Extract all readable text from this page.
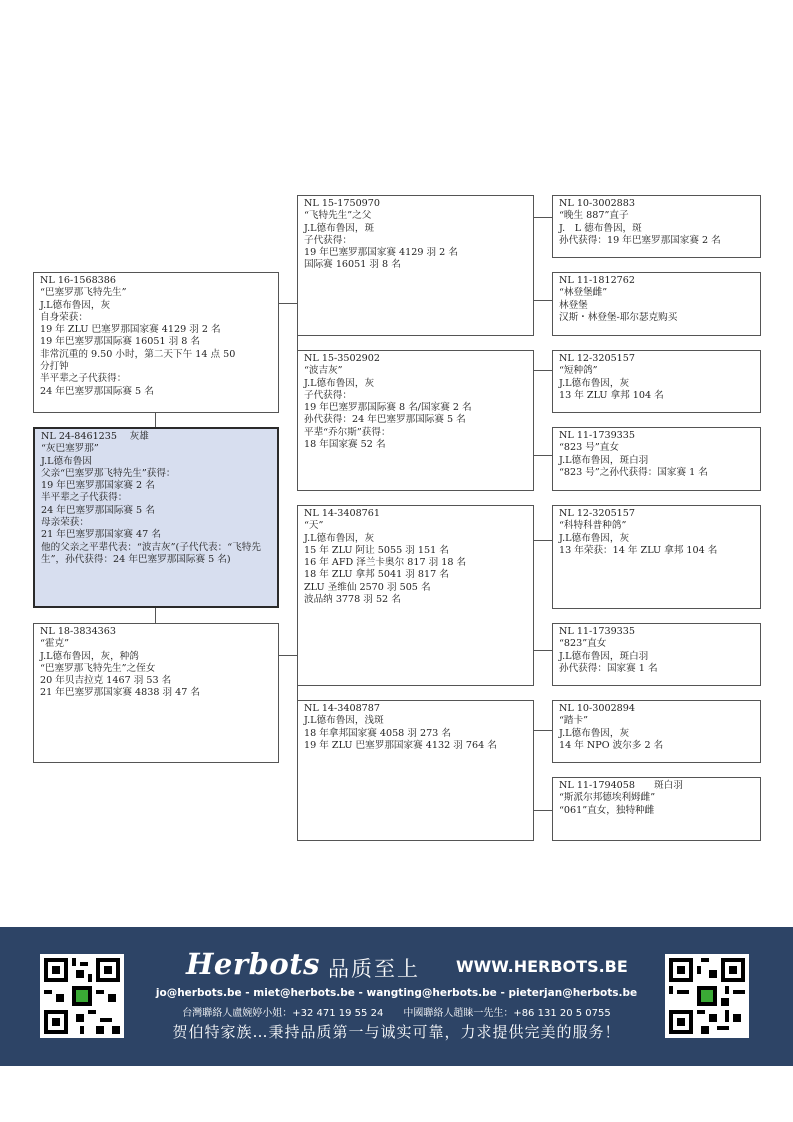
NL 16-1568386
“巴塞罗那飞特先生”
J.L德布鲁因，灰
自身荣获：
19 年 ZLU 巴塞罗那国家赛 4129 羽 2 名
19 年巴塞罗那国际赛 16051 羽 8 名
非常沉重的 9.50 小时，第二天下午 14 点 50
分打钟
半平辈之子代获得：
24 年巴塞罗那国际赛 5 名
NL 24-8461235　 灰雄
“灰巴塞罗那”
J.L德布鲁因
父亲“巴塞罗那飞特先生”获得：
19 年巴塞罗那国家赛 2 名
半平辈之子代获得：
24 年巴塞罗那国际赛 5 名
母亲荣获：
21 年巴塞罗那国家赛 47 名
他的父亲之平辈代表：“波吉灰”(子代代表：“飞特先生”，孙代获得：24 年巴塞罗那国际赛 5 名)
NL 18-3834363
“霍克”
J.L德布鲁因，灰，种鸽
“巴塞罗那飞特先生”之侄女
20 年贝吉拉克 1467 羽 53 名
21 年巴塞罗那国家赛 4838 羽 47 名
NL 15-1750970
“飞特先生”之父
J.L德布鲁因，斑
子代获得：
19 年巴塞罗那国家赛 4129 羽 2 名
国际赛 16051 羽 8 名
NL 15-3502902
“波吉灰”
J.L德布鲁因，灰
子代获得：
19 年巴塞罗那国际赛 8 名/国家赛 2 名
孙代获得：24 年巴塞罗那国际赛 5 名
平辈“乔尔斯”获得：
18 年国家赛 52 名
NL 14-3408761
“天”
J.L德布鲁因，灰
15 年 ZLU 阿让 5055 羽 151 名
16 年 AFD 泽兰卡奥尔 817 羽 18 名
18 年 ZLU 拿邦 5041 羽 817 名
ZLU 圣维仙 2570 羽 505 名
波品纳 3778 羽 52 名
NL 14-3408787
J.L德布鲁因，浅斑
18 年拿邦国家赛 4058 羽 273 名
19 年 ZLU 巴塞罗那国家赛 4132 羽 764 名
NL 10-3002883
“晚生 887”直子
J.　L 德布鲁因，斑
孙代获得：19 年巴塞罗那国家赛 2 名
NL 11-1812762
“林登堡雌”
林登堡
汉斯・林登堡-耶尔瑟克购买
NL 12-3205157
“短种鸽”
J.L德布鲁因，灰
13 年 ZLU 拿邦 104 名
NL 11-1739335
“823 号”直女
J.L德布鲁因，斑白羽
“823 号”之孙代获得：国家赛 1 名
NL 12-3205157
“科特科普种鸽”
J.L德布鲁因，灰
13 年荣获：14 年 ZLU 拿邦 104 名
NL 11-1739335
“823”直女
J.L德布鲁因，斑白羽
孙代获得：国家赛 1 名
NL 10-3002894
“踏卡”
J.L德布鲁因，灰
14 年 NPO 波尔多 2 名
NL 11-1794058　　斑白羽
“斯派尔邦德埃利姆雌”
“061”直女，独特种雌
Herbots 品质至上 WWW.HERBOTS.BE
jo@herbots.be - miet@herbots.be - wangting@herbots.be - pieterjan@herbots.be
台灣聯絡人盧婉婷小姐：+32 471 19 55 24　　中國聯絡人趙睐一先生：+86 131 20 5 0755
贺伯特家族…秉持品质第一与诚实可靠，力求提供完美的服务！
